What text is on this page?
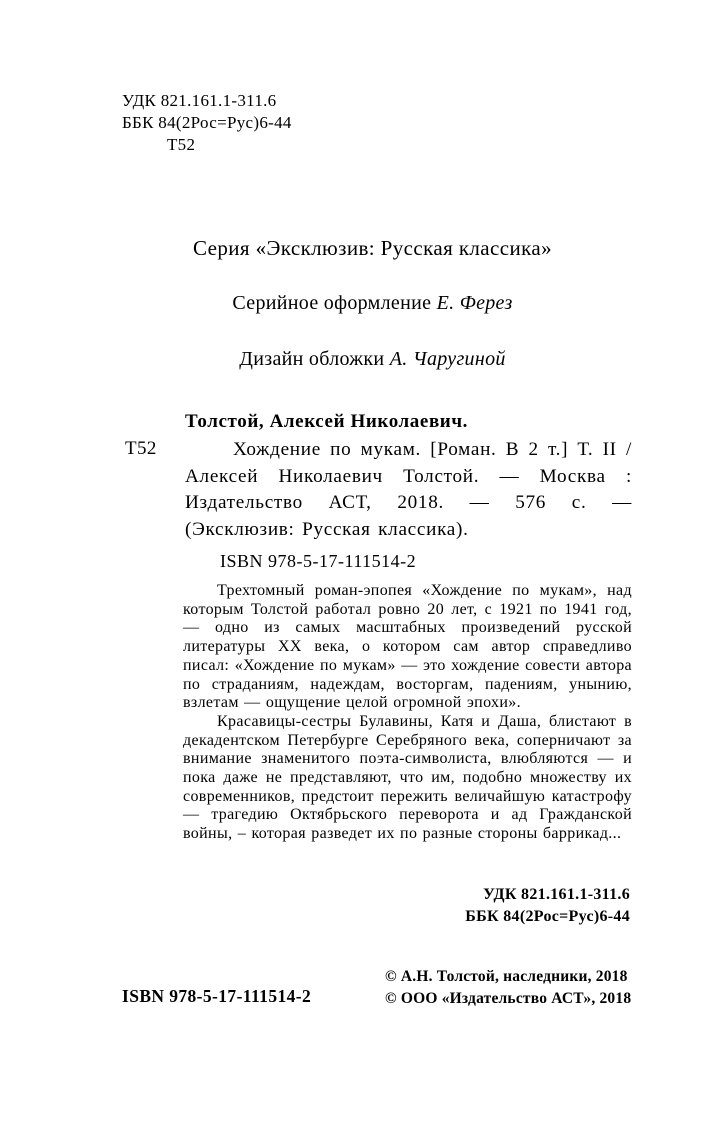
УДК 821.161.1-311.6
ББК 84(2Рос=Рус)6-44
Т52
Серия «Эксклюзив: Русская классика»
Серийное оформление Е. Ферез
Дизайн обложки А. Чаругиной
Толстой, Алексей Николаевич.
Т52	Хождение по мукам. [Роман. В 2 т.] Т. II / Алексей Николаевич Толстой. — Москва : Издательство АСТ, 2018. — 576 с. — (Эксклюзив: Русская классика).
ISBN 978-5-17-111514-2

Трехтомный роман-эпопея «Хождение по мукам», над которым Толстой работал ровно 20 лет, с 1921 по 1941 год, — одно из самых масштабных произведений русской литературы XX века, о котором сам автор справедливо писал: «Хождение по мукам» — это хождение совести автора по страданиям, надеждам, восторгам, падениям, унынию, взлетам — ощущение целой огромной эпохи».

Красавицы-сестры Булавины, Катя и Даша, блистают в декадентском Петербурге Серебряного века, соперничают за внимание знаменитого поэта-символиста, влюбляются — и пока даже не представляют, что им, подобно множеству их современников, предстоит пережить величайшую катастрофу — трагедию Октябрьского переворота и ад Гражданской войны, – которая разведет их по разные стороны баррикад...

УДК 821.161.1-311.6
ББК 84(2Рос=Рус)6-44
ISBN 978-5-17-111514-2
© А.Н. Толстой, наследники, 2018
© ООО «Издательство АСТ», 2018
